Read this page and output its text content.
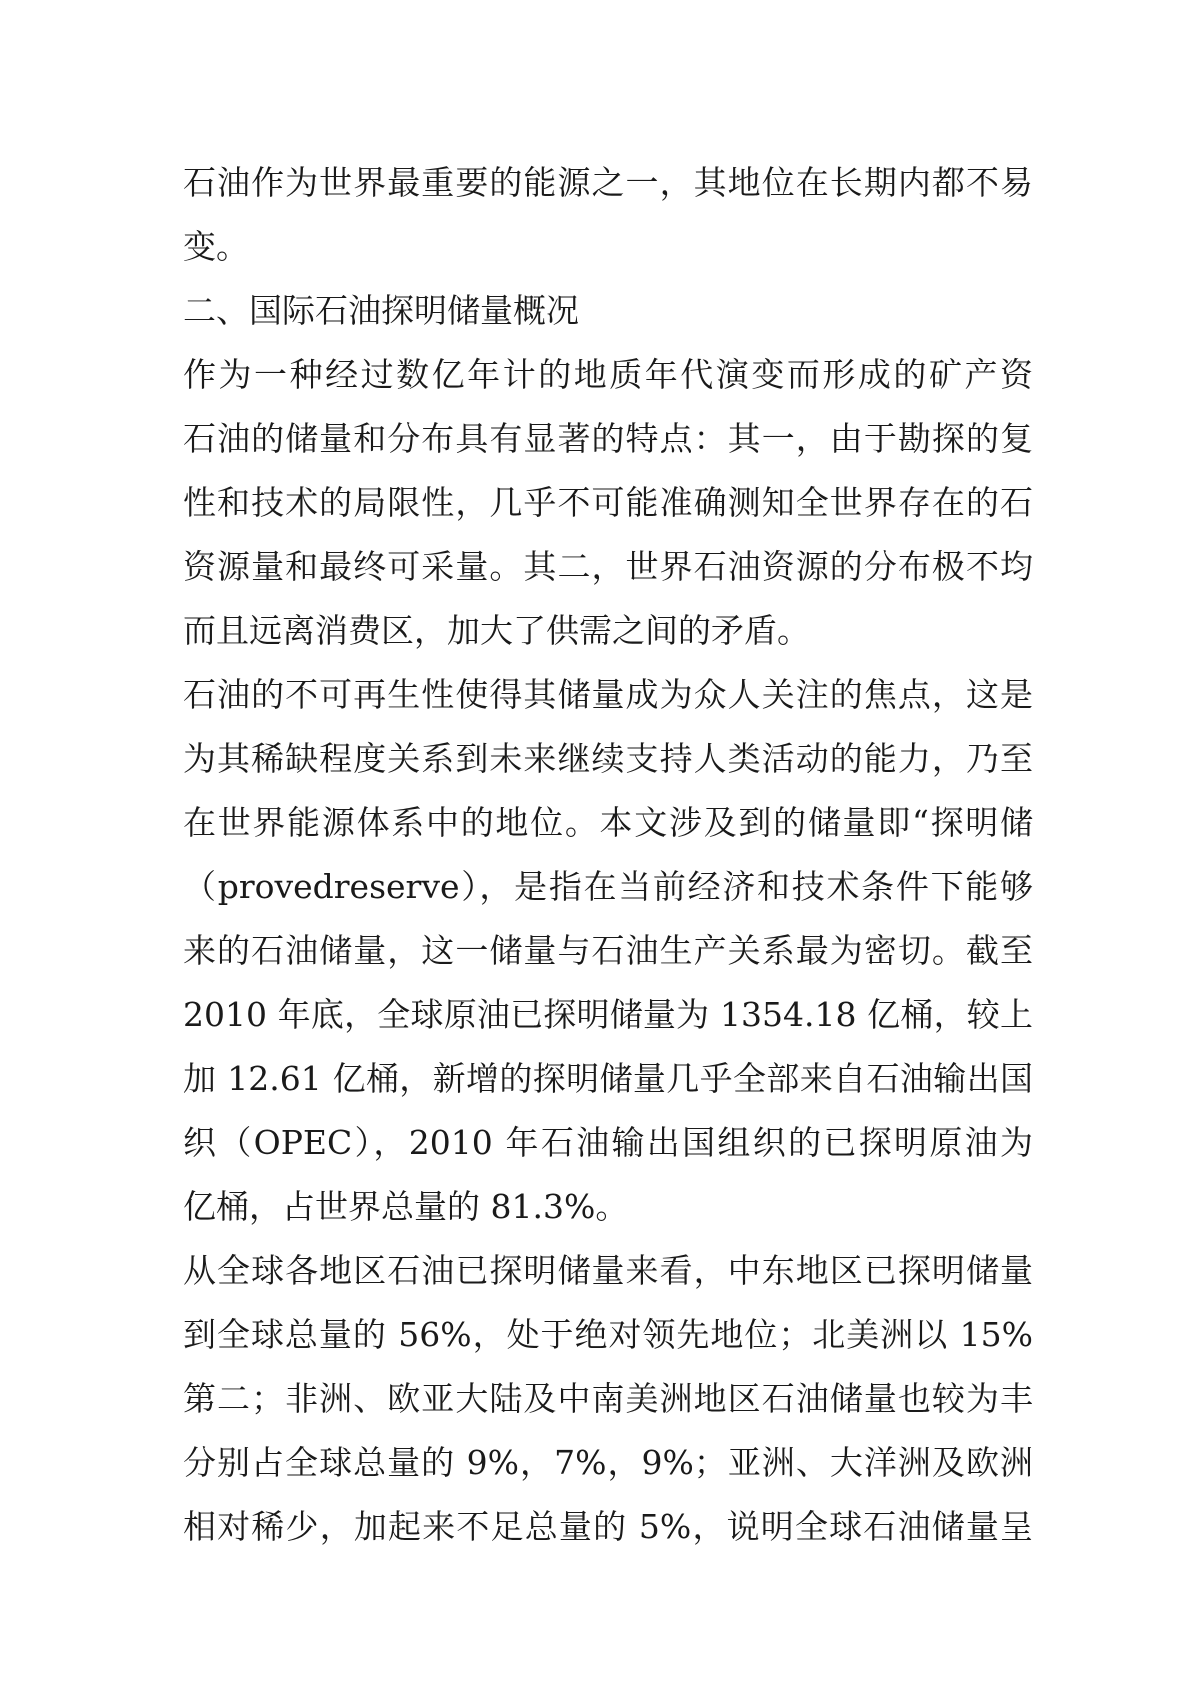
石油作为世界最重要的能源之一，其地位在长期内都不易
变。
二、国际石油探明储量概况
作为一种经过数亿年计的地质年代演变而形成的矿产资
石油的储量和分布具有显著的特点：其一，由于勘探的复
性和技术的局限性，几乎不可能准确测知全世界存在的石
资源量和最终可采量。其二，世界石油资源的分布极不均
而且远离消费区，加大了供需之间的矛盾。
石油的不可再生性使得其储量成为众人关注的焦点，这是
为其稀缺程度关系到未来继续支持人类活动的能力，乃至
在世界能源体系中的地位。本文涉及到的储量即“探明储
（provedreserve），是指在当前经济和技术条件下能够
来的石油储量，这一储量与石油生产关系最为密切。截至
2010 年底，全球原油已探明储量为 1354.18 亿桶，较上
加 12.61 亿桶，新增的探明储量几乎全部来自石油输出国
织（OPEC），2010 年石油输出国组织的已探明原油为
亿桶，占世界总量的 81.3%。
从全球各地区石油已探明储量来看，中东地区已探明储量
到全球总量的 56%，处于绝对领先地位；北美洲以 15%
第二；非洲、欧亚大陆及中南美洲地区石油储量也较为丰
分别占全球总量的 9%，7%，9%；亚洲、大洋洲及欧洲
相对稀少，加起来不足总量的 5%，说明全球石油储量呈
